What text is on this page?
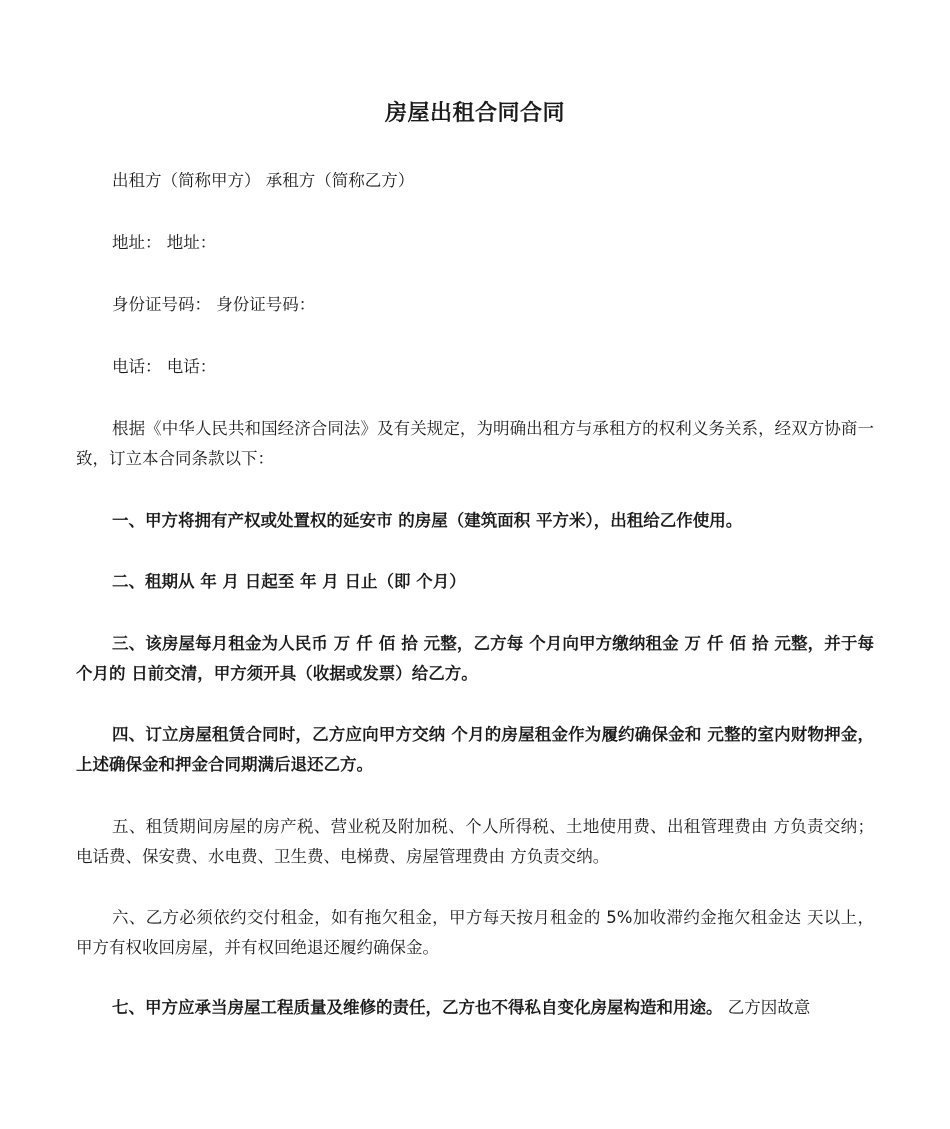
房屋出租合同合同

出租方（简称甲方） 承租方（简称乙方）

地址： 地址：

身份证号码： 身份证号码：

电话： 电话：

根据《中华人民共和国经济合同法》及有关规定，为明确出租方与承租方的权利义务关系，经双方协商一致，订立本合同条款以下：

一、甲方将拥有产权或处置权的延安市 的房屋（建筑面积 平方米），出租给乙作使用。

二、租期从 年 月 日起至 年 月 日止（即 个月）

三、该房屋每月租金为人民币 万 仟 佰 拾 元整，乙方每 个月向甲方缴纳租金 万 仟 佰 拾 元整，并于每 个月的 日前交清，甲方须开具（收据或发票）给乙方。

四、订立房屋租赁合同时，乙方应向甲方交纳 个月的房屋租金作为履约确保金和 元整的室内财物押金，上述确保金和押金合同期满后退还乙方。

五、租赁期间房屋的房产税、营业税及附加税、个人所得税、土地使用费、出租管理费由 方负责交纳；电话费、保安费、水电费、卫生费、电梯费、房屋管理费由 方负责交纳。

六、乙方必须依约交付租金，如有拖欠租金，甲方每天按月租金的 5%加收滞约金拖欠租金达 天以上，甲方有权收回房屋，并有权回绝退还履约确保金。

七、甲方应承当房屋工程质量及维修的责任，乙方也不得私自变化房屋构造和用途。 乙方因故意
